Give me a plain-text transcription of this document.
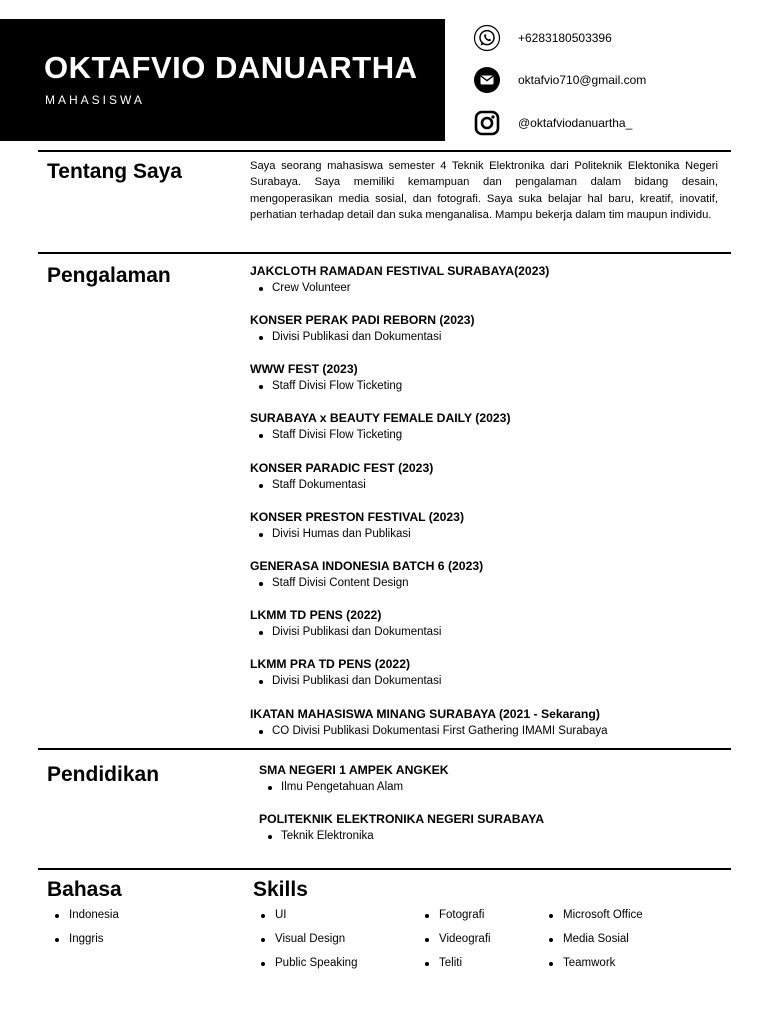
OKTAFVIO DANUARTHA

MAHASISWA

+6283180503396
oktafvio710@gmail.com
@oktafviodanuartha_
Tentang Saya	Saya seorang mahasiswa semester 4 Teknik Elektronika dari Politeknik Elektonika Negeri Surabaya. Saya memiliki kemampuan dan pengalaman dalam bidang desain, mengoperasikan media sosial, dan fotografi. Saya suka belajar hal baru, kreatif, inovatif, perhatian terhadap detail dan suka menganalisa. Mampu bekerja dalam tim maupun individu.

Pengalaman	JAKCLOTH RAMADAN FESTIVAL SURABAYA(2023)
Crew Volunteer
KONSER PERAK PADI REBORN (2023)
Divisi Publikasi dan Dokumentasi
WWW FEST (2023)
Staff Divisi Flow Ticketing
SURABAYA x BEAUTY FEMALE DAILY (2023)
Staff Divisi Flow Ticketing
KONSER PARADIC FEST (2023)
Staff Dokumentasi
KONSER PRESTON FESTIVAL (2023)
Divisi Humas dan Publikasi
GENERASA INDONESIA BATCH 6 (2023)
Staff Divisi Content Design
LKMM TD PENS (2022)
Divisi Publikasi dan Dokumentasi
LKMM PRA TD PENS (2022)
Divisi Publikasi dan Dokumentasi
IKATAN MAHASISWA MINANG SURABAYA (2021 - Sekarang)
CO Divisi Publikasi Dokumentasi First Gathering IMAMI Surabaya
Pendidikan	SMA NEGERI 1 AMPEK ANGKEK
Ilmu Pengetahuan Alam
POLITEKNIK ELEKTRONIKA NEGERI SURABAYA
Teknik Elektronika
Bahasa
Indonesia
Inggris
Skills
UI
Visual Design
Public Speaking
Fotografi
Videografi
Teliti
Microsoft Office
Media Sosial
Teamwork
